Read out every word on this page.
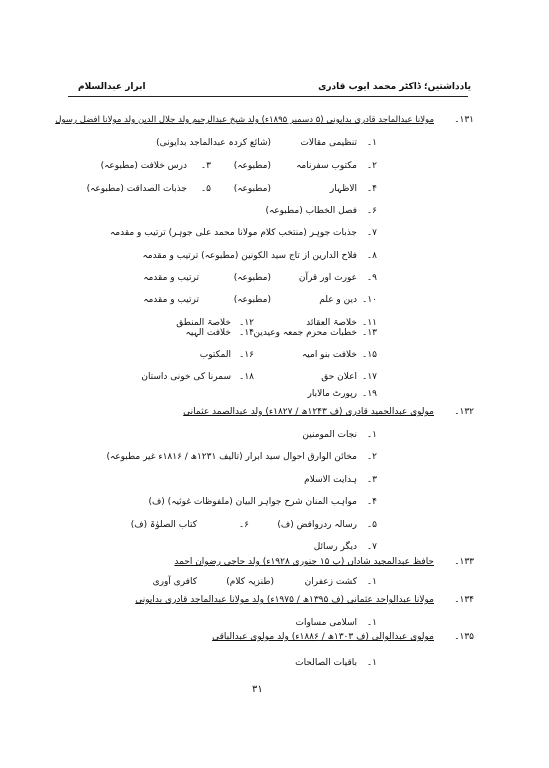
یادداشتیں؛ ڈاکٹر محمد ایوب قادری
ابرار عبدالسلام
۱۳۱۔
مولانا عبدالماجد قادری بدایونی (۵ دسمبر ۱۸۹۵ء) ولد شیخ عبدالرحیم ولد جلال الدین ولد مولانا افضل رسول
۱۔
تنظیمی مقالات
(شائع کردہ عبدالماجد بدایونی)
۲۔
مکتوب سفرنامہ
(مطبوعہ)
۳۔
درس خلافت (مطبوعہ)
۴۔
الاظہار
(مطبوعہ)
۵۔
جذبات الصداقت (مطبوعہ)
۶۔
فصل الخطاب (مطبوعہ)
۷۔
جذبات جوہر (منتخب کلام مولانا محمد علی جوہر) ترتیب و مقدمہ
۸۔
فلاح الدارین از تاج سید الکونین (مطبوعہ) ترتیب و مقدمہ
۹۔
عورت اور قرآن
(مطبوعہ)
ترتیب و مقدمہ
۱۰۔
دین و علم
(مطبوعہ)
ترتیب و مقدمہ
۱۱۔
خلاصۃ العقائد
۱۲۔
خلاصۃ المنطق
۱۳۔
خطبات محرم جمعہ وعیدین
۱۴۔
خلافت الہیہ
۱۵۔
خلافت بنو امیہ
۱۶۔
المکتوب
۱۷۔
اعلان حق
۱۸۔
سمرنا کی خونی داستان
۱۹۔
رپورٹ مالابار
۱۳۲۔
مولوی عبدالحمید قادری (ف ۱۲۴۳ھ / ۱۸۲۷ء) ولد عبدالصمد عثمانی
۱۔
نجات المومنین
۲۔
مخائن الوارق احوال سید ابرار (تالیف ۱۲۳۱ھ / ۱۸۱۶ء غیر مطبوعہ)
۳۔
ہدایت الاسلام
۴۔
مواہب المنان شرح جواہر البیان (ملفوظات غوثیہ) (ف)
۵۔
رسالہ ردروافض (ف)
۶۔
کتاب الصلوٰۃ (ف)
۷۔
دیگر رسائل
۱۳۳۔
حافظ عبدالمجید شاداں (پ ۱۵ جنوری ۱۹۲۸ء) ولد حاجی رضوان احمد
۱۔
کشت زعفران
(طنزیہ کلام)
کافری آوری
۱۳۴۔
مولانا عبدالواحد عثمانی (ف ۱۳۹۵ھ / ۱۹۷۵ء) ولد مولانا عبدالماجد قادری بدایونی
۱۔
اسلامی مساوات
۱۳۵۔
مولوی عبدالوالی (ف ۱۳۰۳ھ / ۱۸۸۶ء) ولد مولوی عبدالباقی
۱۔
باقیات الصالحات
۳۱
